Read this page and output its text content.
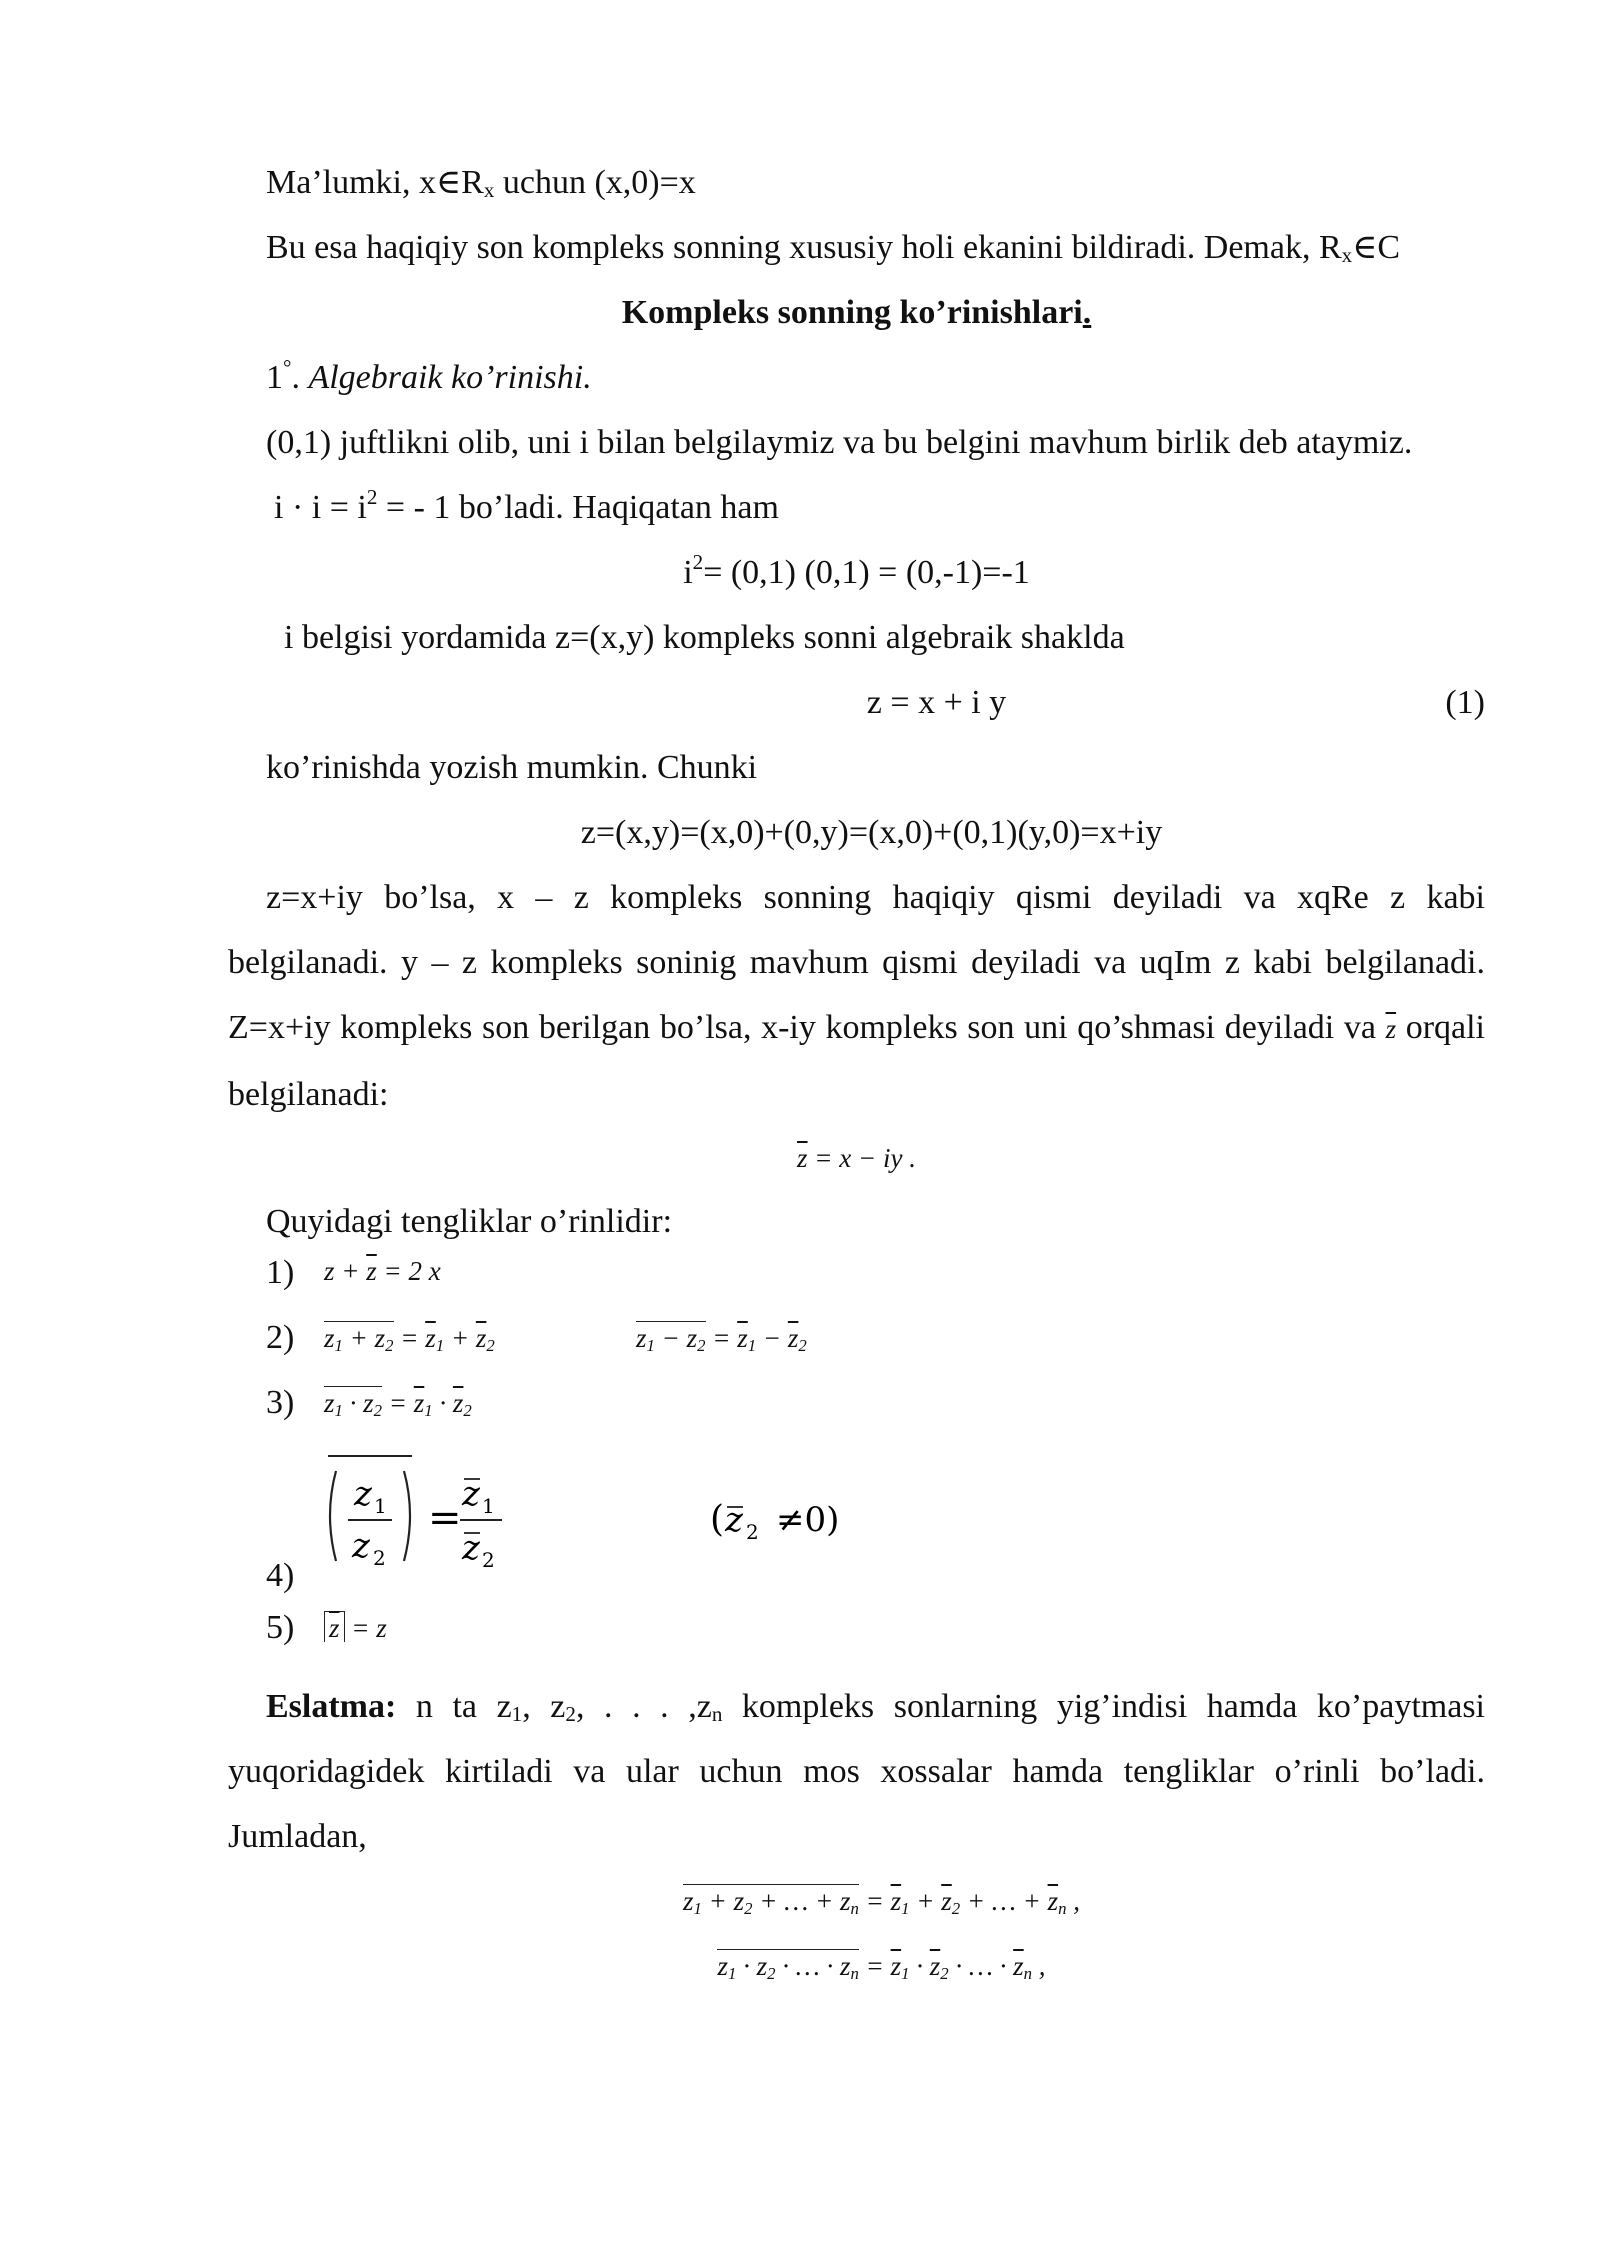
Ma’lumki, $x\in R_x$ uchun (x,0)=x

Bu esa haqiqiy son kompleks sonning xususiy holi ekanini bildiradi. Demak, $R_x\in C$

Kompleks sonning ko’rinishlari.

1°. Algebraik ko’rinishi.

(0,1) juftlikni olib, uni i bilan belgilaymiz va bu belgini mavhum birlik deb ataymiz.

$i \cdot i = i^2$ = - 1 bo’ladi. Haqiqatan ham

$i^2= (0,1) (0,1) = (0,-1)=-1$

i belgisi yordamida z=(x,y) kompleks sonni algebraik shaklda

z = x + i y	(1)

ko’rinishda yozish mumkin. Chunki

z=(x,y)=(x,0)+(0,y)=(x,0)+(0,1)(y,0)=x+iy

z=x+iy bo’lsa, x – z kompleks sonning haqiqiy qismi deyiladi va xqRe z kabi belgilanadi. y – z kompleks soninig mavhum qismi deyiladi va uqIm z kabi belgilanadi. Z=x+iy kompleks son berilgan bo’lsa, x-iy kompleks son uni qo’shmasi deyiladi va $\overline{z}$ orqali belgilanadi:

$\overline{z} = x$ − iy .

Quyidagi tengliklar o’rinlidir:

1) $z + \overline{z} = 2$ x
2) $z_1 + z_2 = \overline{z}_1 + \overline{z}_2$	$z_1 - z_2 = \overline{z}_1 - \overline{z}_2$
3) $z_1 \cdot z_2 = \overline{z}_1 \cdot \overline{z}_2$
z 1
z 2
=
z 1
z 2
( z 2 ≠0)
4)
5) $\overline{z} = z$

Eslatma: n ta $z_1$, $z_2$, . . . $,z_n$ kompleks sonlarning yig’indisi hamda ko’paytmasi yuqoridagidek kirtiladi va ular uchun mos xossalar hamda tengliklar o’rinli bo’ladi. Jumladan,

$z_1 + z_2$ + … + $z_n = \overline{z}_1 + \overline{z}_2$ + … + $\overline{z}_n$ ,

$z_1 \cdot z_2$ · … · $z_n = \overline{z}_1 \cdot \overline{z}_2$ · … · $\overline{z}_n$ ,
